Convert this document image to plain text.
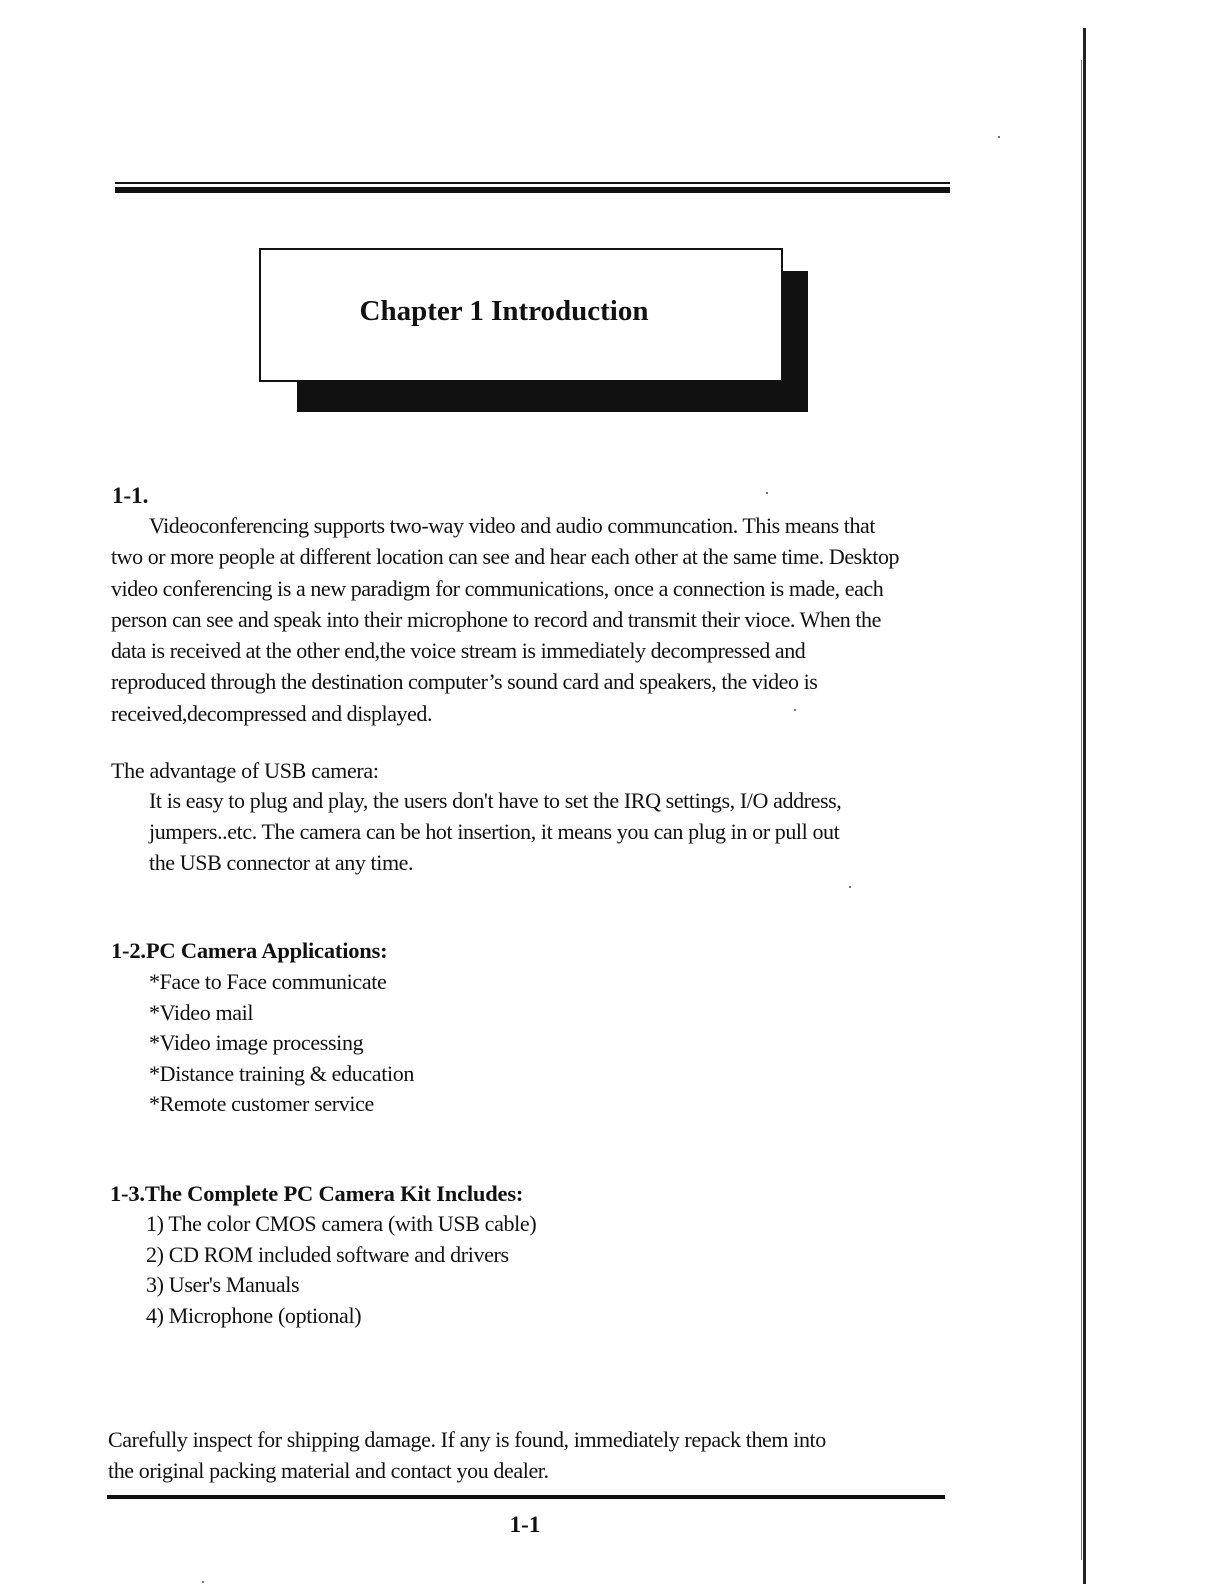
Chapter 1 Introduction
1-1.
Videoconferencing supports two-way video and audio communcation. This means that
two or more people at different location can see and hear each other at the same time. Desktop
video conferencing is a new paradigm for communications, once a connection is made, each
person can see and speak into their microphone to record and transmit their vioce. When the
data is received at the other end,the voice stream is immediately decompressed and
reproduced through the destination computer’s sound card and speakers, the video is
received,decompressed and displayed.
The advantage of USB camera:
It is easy to plug and play, the users don't have to set the IRQ settings, I/O address,
jumpers..etc. The camera can be hot insertion, it means you can plug in or pull out
the USB connector at any time.
1-2.PC Camera Applications:
*Face to Face communicate
*Video mail
*Video image processing
*Distance training & education
*Remote customer service
1-3.The Complete PC Camera Kit Includes:
1) The color CMOS camera (with USB cable)
2) CD ROM included software and drivers
3) User's Manuals
4) Microphone (optional)
Carefully inspect for shipping damage. If any is found, immediately repack them into
the original packing material and contact you dealer.
1-1
